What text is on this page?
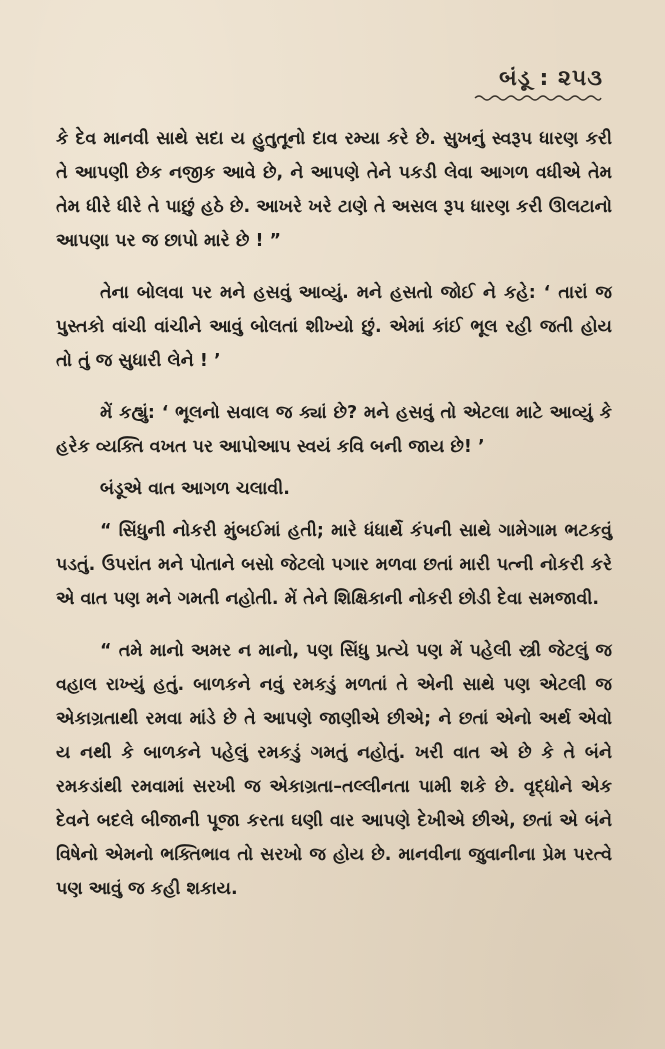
બંડૂ : ૨૫૩

કે દેવ માનવી સાથે સદા ય હુતુતૂનો દાવ રમ્યા કરે છે. સુખનું સ્વરૂપ ધારણ કરી તે આપણી છેક નજીક આવે છે, ને આપણે તેને પકડી લેવા આગળ વધીએ તેમ તેમ ધીરે ધીરે તે પાછું હઠે છે. આખરે ખરે ટાણે તે અસલ રૂપ ધારણ કરી ઊલટાનો આપણા પર જ છાપો મારે છે ! ”

તેના બોલવા પર મને હસવું આવ્યું. મને હસતો જોઈ ને કહે: ‘ તારાં જ પુસ્તકો વાંચી વાંચીને આવું બોલતાં શીખ્યો છું. એમાં કાંઈ ભૂલ રહી જતી હોય તો તું જ સુધારી લેને ! ’

મેં કહ્યું: ‘ ભૂલનો સવાલ જ ક્યાં છે? મને હસવું તો એટલા માટે આવ્યું કે હરેક વ્યક્તિ વખત પર આપોઆપ સ્વયં કવિ બની જાય છે! ’

બંડૂએ વાત આગળ ચલાવી.

“ સિંધુની નોકરી મુંબઈમાં હતી; મારે ધંધાર્થે કંપની સાથે ગામેગામ ભટકવું પડતું. ઉપરાંત મને પોતાને બસો જેટલો પગાર મળવા છતાં મારી પત્ની નોકરી કરે એ વાત પણ મને ગમતી નહોતી. મેં તેને શિક્ષિકાની નોકરી છોડી દેવા સમજાવી.

“ તમે માનો અમર ન માનો, પણ સિંધુ પ્રત્યે પણ મેં પહેલી સ્ત્રી જેટલું જ વહાલ રાખ્યું હતું. બાળકને નવું રમકડું મળતાં તે એની સાથે પણ એટલી જ એકાગ્રતાથી રમવા માંડે છે તે આપણે જાણીએ છીએ; ને છતાં એનો અર્થ એવો ય નથી કે બાળકને પહેલું રમકડું ગમતું નહોતું. ખરી વાત એ છે કે તે બંને રમકડાંથી રમવામાં સરખી જ એકાગ્રતા–તલ્લીનતા પામી શકે છે. વૃદ્ધોને એક દેવને બદલે બીજાની પૂજા કરતા ઘણી વાર આપણે દેખીએ છીએ, છતાં એ બંને વિષેનો એમનો ભક્તિભાવ તો સરખો જ હોય છે. માનવીના જુવાનીના પ્રેમ પરત્વે પણ આવું જ કહી શકાય.
